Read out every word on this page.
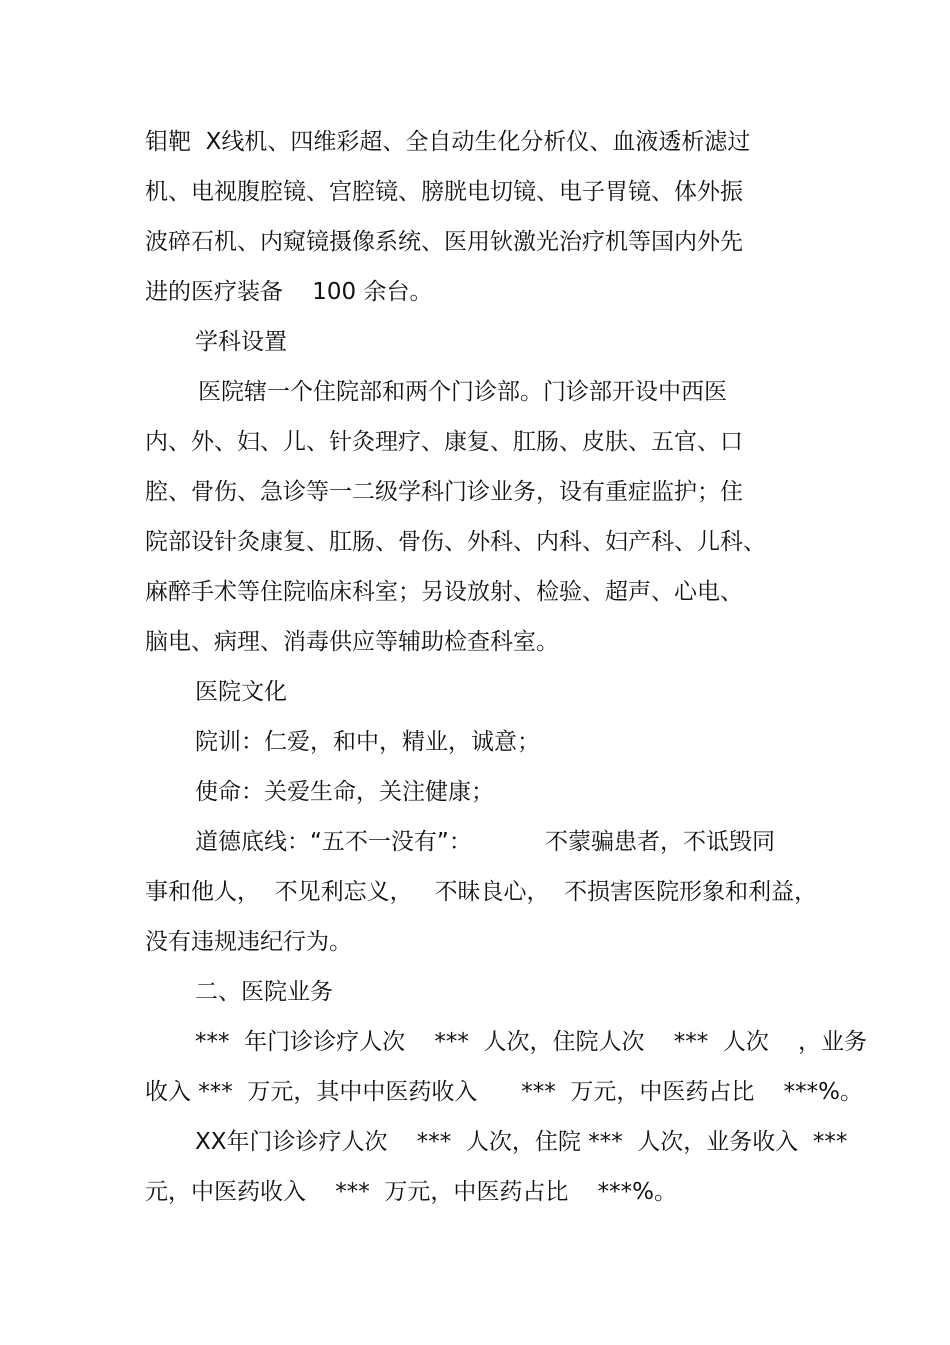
钼靶  X线机、四维彩超、全自动生化分析仪、血液透析滤过
机、电视腹腔镜、宫腔镜、膀胱电切镜、电子胃镜、体外振
波碎石机、内窥镜摄像系统、医用钬激光治疗机等国内外先
进的医疗装备    100 余台。
学科设置
医院辖一个住院部和两个门诊部。门诊部开设中西医
内、外、妇、儿、针灸理疗、康复、肛肠、皮肤、五官、口
腔、骨伤、急诊等一二级学科门诊业务，设有重症监护；住
院部设针灸康复、肛肠、骨伤、外科、内科、妇产科、儿科、
麻醉手术等住院临床科室；另设放射、检验、超声、心电、
脑电、病理、消毒供应等辅助检查科室。
医院文化
院训：仁爱，和中，精业，诚意；
使命：关爱生命，关注健康；
道德底线：“五不一没有”：          不蒙骗患者，不诋毁同
事和他人，  不见利忘义，   不昧良心，  不损害医院形象和利益，
没有违规违纪行为。
二、医院业务
***  年门诊诊疗人次    ***  人次，住院人次    ***  人次    ，业务
收入 ***  万元，其中中医药收入      ***  万元，中医药占比    ***%。
XX年门诊诊疗人次    ***  人次，住院 ***  人次，业务收入  ***
元，中医药收入    ***  万元，中医药占比    ***%。
